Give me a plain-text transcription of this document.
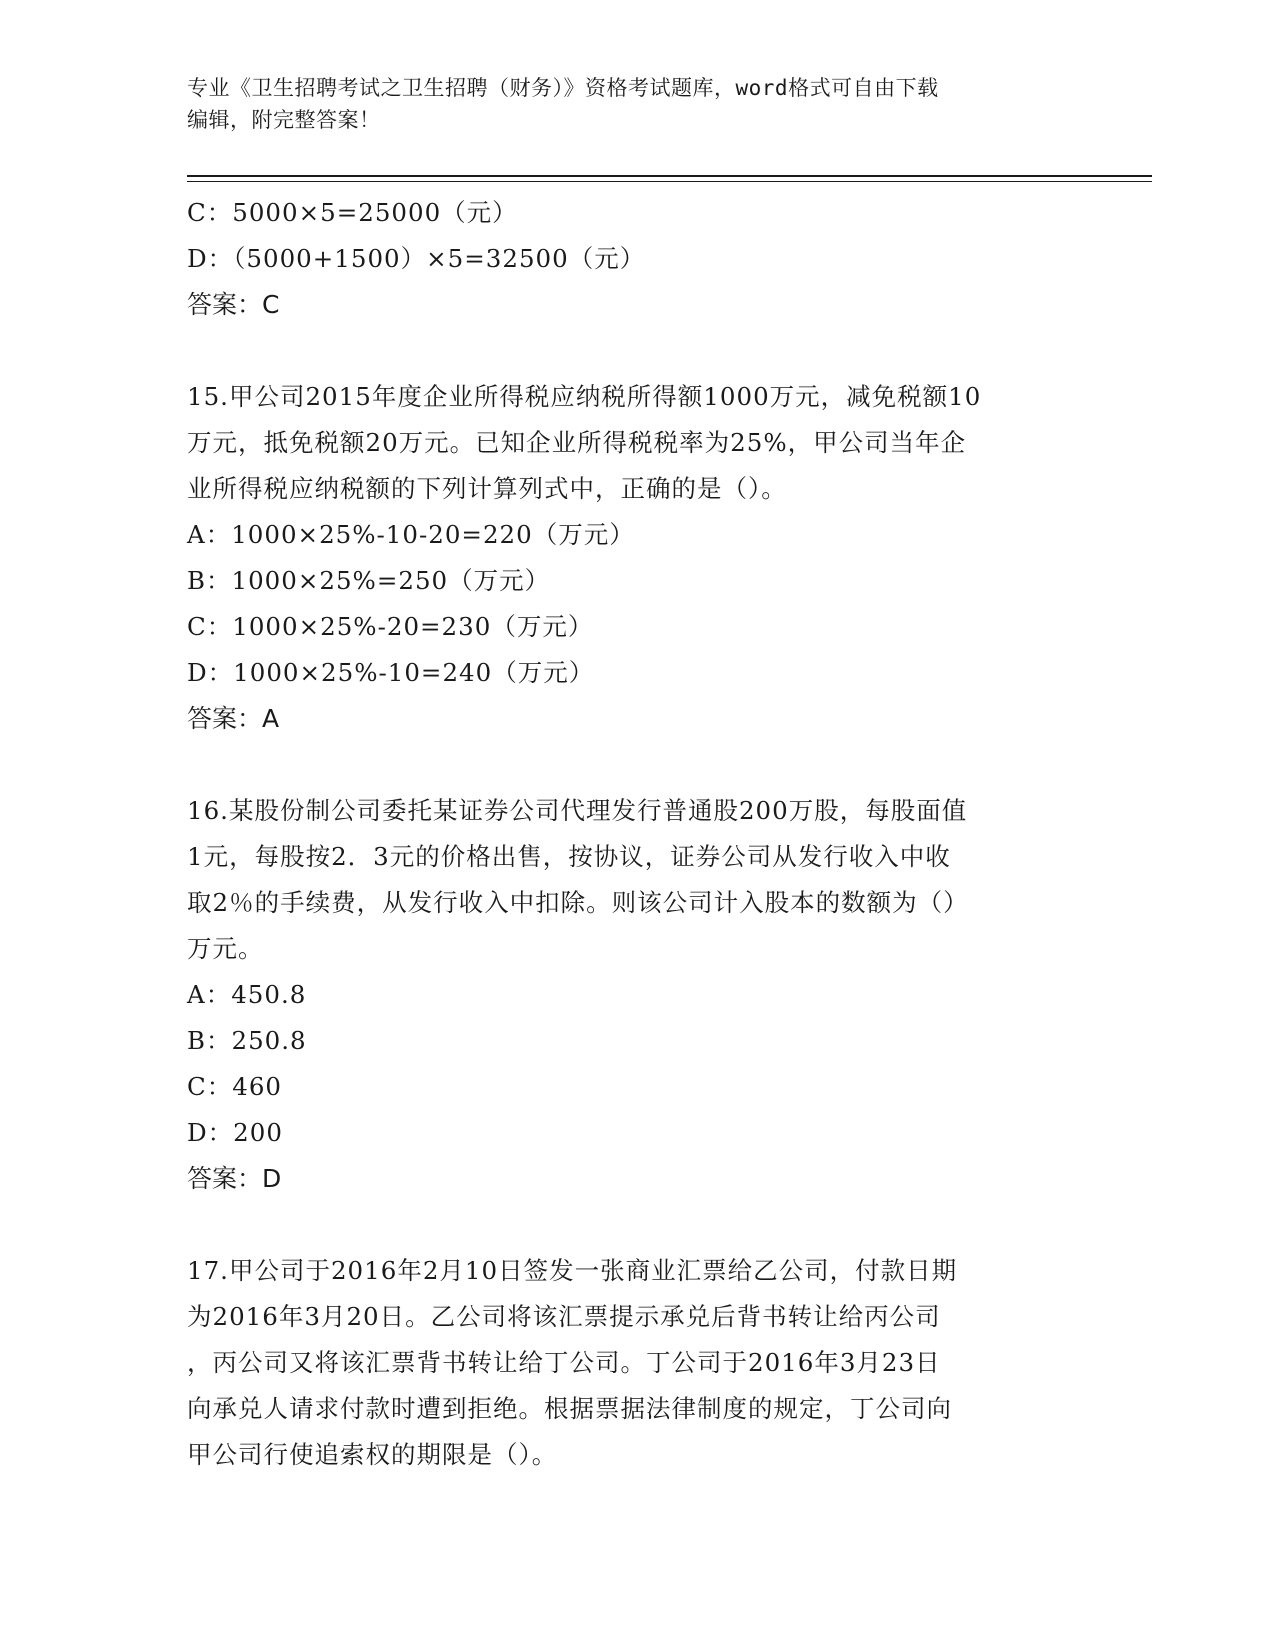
专业《卫生招聘考试之卫生招聘（财务）》资格考试题库，word格式可自由下载
编辑，附完整答案！
C：5000×5=25000（元）
D：（5000+1500）×5=32500（元）
答案：C
15.甲公司2015年度企业所得税应纳税所得额1000万元，减免税额10
万元，抵免税额20万元。已知企业所得税税率为25%，甲公司当年企
业所得税应纳税额的下列计算列式中，正确的是（）。
A：1000×25%-10-20=220（万元）
B：1000×25%=250（万元）
C：1000×25%-20=230（万元）
D：1000×25%-10=240（万元）
答案：A
16.某股份制公司委托某证券公司代理发行普通股200万股，每股面值
1元，每股按2．3元的价格出售，按协议，证券公司从发行收入中收
取2％的手续费，从发行收入中扣除。则该公司计入股本的数额为（）
万元。
A：450.8
B：250.8
C：460
D：200
答案：D
17.甲公司于2016年2月10日签发一张商业汇票给乙公司，付款日期
为2016年3月20日。乙公司将该汇票提示承兑后背书转让给丙公司
，丙公司又将该汇票背书转让给丁公司。丁公司于2016年3月23日
向承兑人请求付款时遭到拒绝。根据票据法律制度的规定，丁公司向
甲公司行使追索权的期限是（）。
